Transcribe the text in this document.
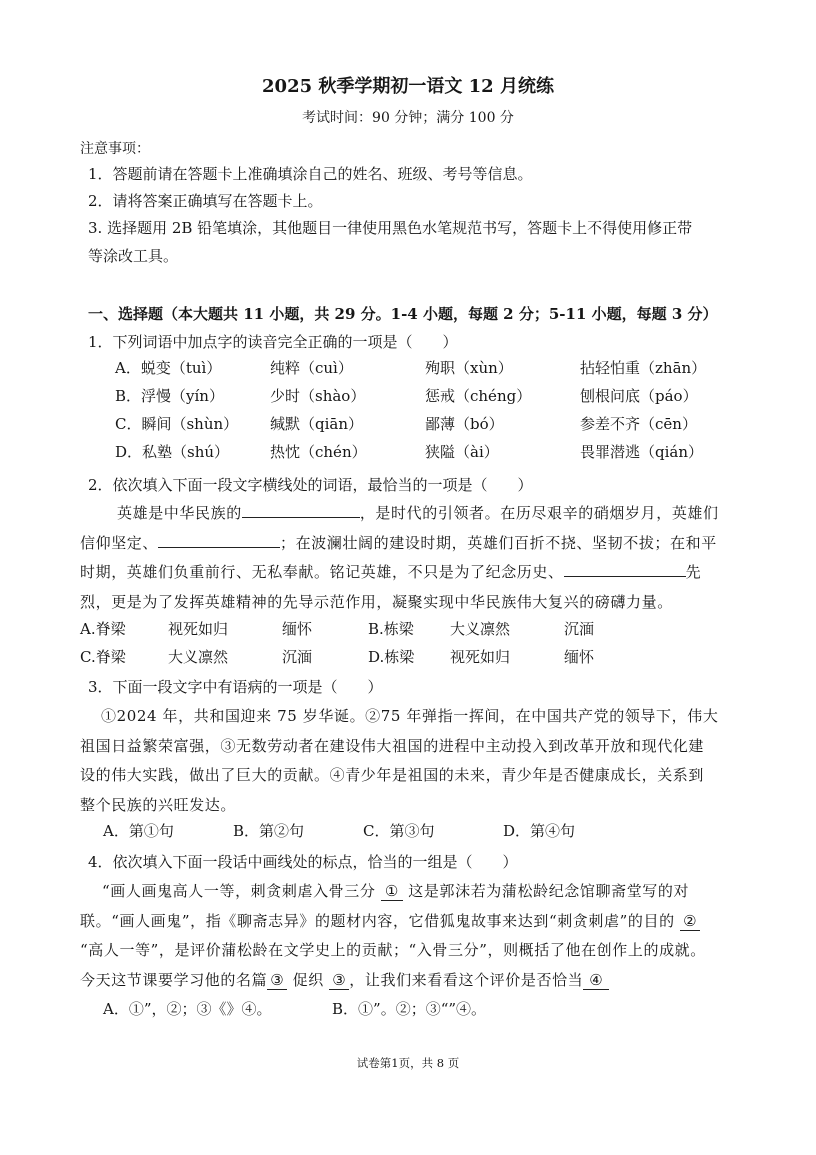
2025 秋季学期初一语文 12 月统练
考试时间：90 分钟；满分 100 分
注意事项：
1．答题前请在答题卡上准确填涂自己的姓名、班级、考号等信息。
2．请将答案正确填写在答题卡上。
3. 选择题用 2B 铅笔填涂，其他题目一律使用黑色水笔规范书写，答题卡上不得使用修正带
等涂改工具。
一、选择题（本大题共 11 小题，共 29 分。1-4 小题，每题 2 分；5-11 小题，每题 3 分）
1．下列词语中加点字的读音完全正确的一项是（　　）
A．蜕变（tuì）	纯粹（cuì）	殉职（xùn）	拈轻怕重（zhān）
B．浮慢（yín）	少时（shào）	惩戒（chéng）	刨根问底（páo）
C．瞬间（shùn）	缄默（qiān）	鄙薄（bó）	参差不齐（cēn）
D．私塾（shú）	热忱（chén）	狭隘（ài）	畏罪潜逃（qián）
2．依次填入下面一段文字横线处的词语，最恰当的一项是（　　）
英雄是中华民族的	，是时代的引领者。在历尽艰辛的硝烟岁月，英雄们
信仰坚定、	；在波澜壮阔的建设时期，英雄们百折不挠、坚韧不拔；在和平
时期，英雄们负重前行、无私奉献。铭记英雄，不只是为了纪念历史、	先
烈，更是为了发挥英雄精神的先导示范作用，凝聚实现中华民族伟大复兴的磅礴力量。
A.脊梁	视死如归	缅怀	B.栋梁	大义凛然	沉湎
C.脊梁	大义凛然	沉湎	D.栋梁	视死如归	缅怀
3．下面一段文字中有语病的一项是（　　）
①2024 年，共和国迎来 75 岁华诞。②75 年弹指一挥间，在中国共产党的领导下，伟大
祖国日益繁荣富强，③无数劳动者在建设伟大祖国的进程中主动投入到改革开放和现代化建
设的伟大实践，做出了巨大的贡献。④青少年是祖国的未来，青少年是否健康成长，关系到
整个民族的兴旺发达。
A．第①句	B．第②句	C．第③句	D．第④句
4．依次填入下面一段话中画线处的标点，恰当的一组是（　　）
“画人画鬼高人一等，刺贪刺虐入骨三分 ① 这是郭沫若为蒲松龄纪念馆聊斋堂写的对
联。“画人画鬼”，指《聊斋志异》的题材内容，它借狐鬼故事来达到“刺贪刺虐”的目的 ②
“高人一等”，是评价蒲松龄在文学史上的贡献；“入骨三分”，则概括了他在创作上的成就。
今天这节课要学习他的名篇 ③ 促织 ③ ，让我们来看看这个评价是否恰当 ④
A．①”，②；③《》④。	B．①”。②；③“”④。
试卷第1页，共 8 页
